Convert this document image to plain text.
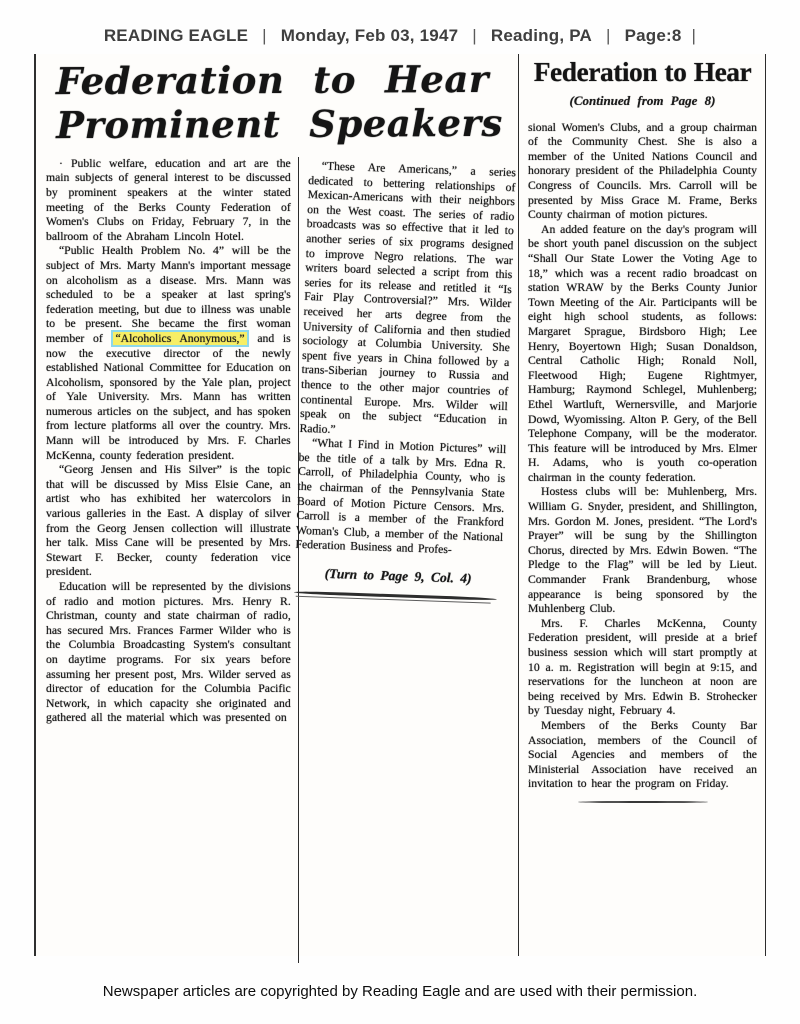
READING EAGLE | Monday, Feb 03, 1947 | Reading, PA | Page:8 |
Federation to Hear Prominent Speakers

· Public welfare, education and art are the main subjects of general interest to be discussed by prominent speakers at the winter stated meeting of the Berks County Federation of Women's Clubs on Friday, February 7, in the ballroom of the Abraham Lincoln Hotel.

“Public Health Problem No. 4” will be the subject of Mrs. Marty Mann's important message on alcoholism as a disease. Mrs. Mann was scheduled to be a speaker at last spring's federation meeting, but due to illness was unable to be present. She became the first woman member of “Alcoholics Anonymous,” and is now the executive director of the newly established National Committee for Education on Alcoholism, sponsored by the Yale plan, project of Yale University. Mrs. Mann has written numerous articles on the subject, and has spoken from lecture platforms all over the country. Mrs. Mann will be introduced by Mrs. F. Charles McKenna, county federation president.

“Georg Jensen and His Silver” is the topic that will be discussed by Miss Elsie Cane, an artist who has exhibited her watercolors in various galleries in the East. A display of silver from the Georg Jensen collection will illustrate her talk. Miss Cane will be presented by Mrs. Stewart F. Becker, county federation vice president.

Education will be represented by the divisions of radio and motion pictures. Mrs. Henry R. Christman, county and state chairman of radio, has secured Mrs. Frances Farmer Wilder who is the Columbia Broadcasting System's consultant on daytime programs. For six years before assuming her present post, Mrs. Wilder served as director of education for the Columbia Pacific Network, in which capacity she originated and gathered all the material which was presented on

“These Are Americans,” a series dedicated to bettering relationships of Mexican-Americans with their neighbors on the West coast. The series of radio broadcasts was so effective that it led to another series of six programs designed to improve Negro relations. The war writers board selected a script from this series for its release and retitled it “Is Fair Play Controversial?” Mrs. Wilder received her arts degree from the University of California and then studied sociology at Columbia University. She spent five years in China followed by a trans-Siberian journey to Russia and thence to the other major countries of continental Europe. Mrs. Wilder will speak on the subject “Education in Radio.”

“What I Find in Motion Pictures” will be the title of a talk by Mrs. Edna R. Carroll, of Philadelphia County, who is the chairman of the Pennsylvania State Board of Motion Picture Censors. Mrs. Carroll is a member of the Frankford Woman's Club, a member of the National Federation Business and Profes-

(Turn to Page 9, Col. 4)

Federation to Hear
(Continued from Page 8)

sional Women's Clubs, and a group chairman of the Community Chest. She is also a member of the United Nations Council and honorary president of the Philadelphia County Congress of Councils. Mrs. Carroll will be presented by Miss Grace M. Frame, Berks County chairman of motion pictures.

An added feature on the day's program will be short youth panel discussion on the subject “Shall Our State Lower the Voting Age to 18,” which was a recent radio broadcast on station WRAW by the Berks County Junior Town Meeting of the Air. Participants will be eight high school students, as follows: Margaret Sprague, Birdsboro High; Lee Henry, Boyertown High; Susan Donaldson, Central Catholic High; Ronald Noll, Fleetwood High; Eugene Rightmyer, Hamburg; Raymond Schlegel, Muhlenberg; Ethel Wartluft, Wernersville, and Marjorie Dowd, Wyomissing. Alton P. Gery, of the Bell Telephone Company, will be the moderator. This feature will be introduced by Mrs. Elmer H. Adams, who is youth co-operation chairman in the county federation.

Hostess clubs will be: Muhlenberg, Mrs. William G. Snyder, president, and Shillington, Mrs. Gordon M. Jones, president. “The Lord's Prayer” will be sung by the Shillington Chorus, directed by Mrs. Edwin Bowen. “The Pledge to the Flag” will be led by Lieut. Commander Frank Brandenburg, whose appearance is being sponsored by the Muhlenberg Club.

Mrs. F. Charles McKenna, County Federation president, will preside at a brief business session which will start promptly at 10 a. m. Registration will begin at 9:15, and reservations for the luncheon at noon are being received by Mrs. Edwin B. Strohecker by Tuesday night, February 4.

Members of the Berks County Bar Association, members of the Council of Social Agencies and members of the Ministerial Association have received an invitation to hear the program on Friday.

Newspaper articles are copyrighted by Reading Eagle and are used with their permission.
